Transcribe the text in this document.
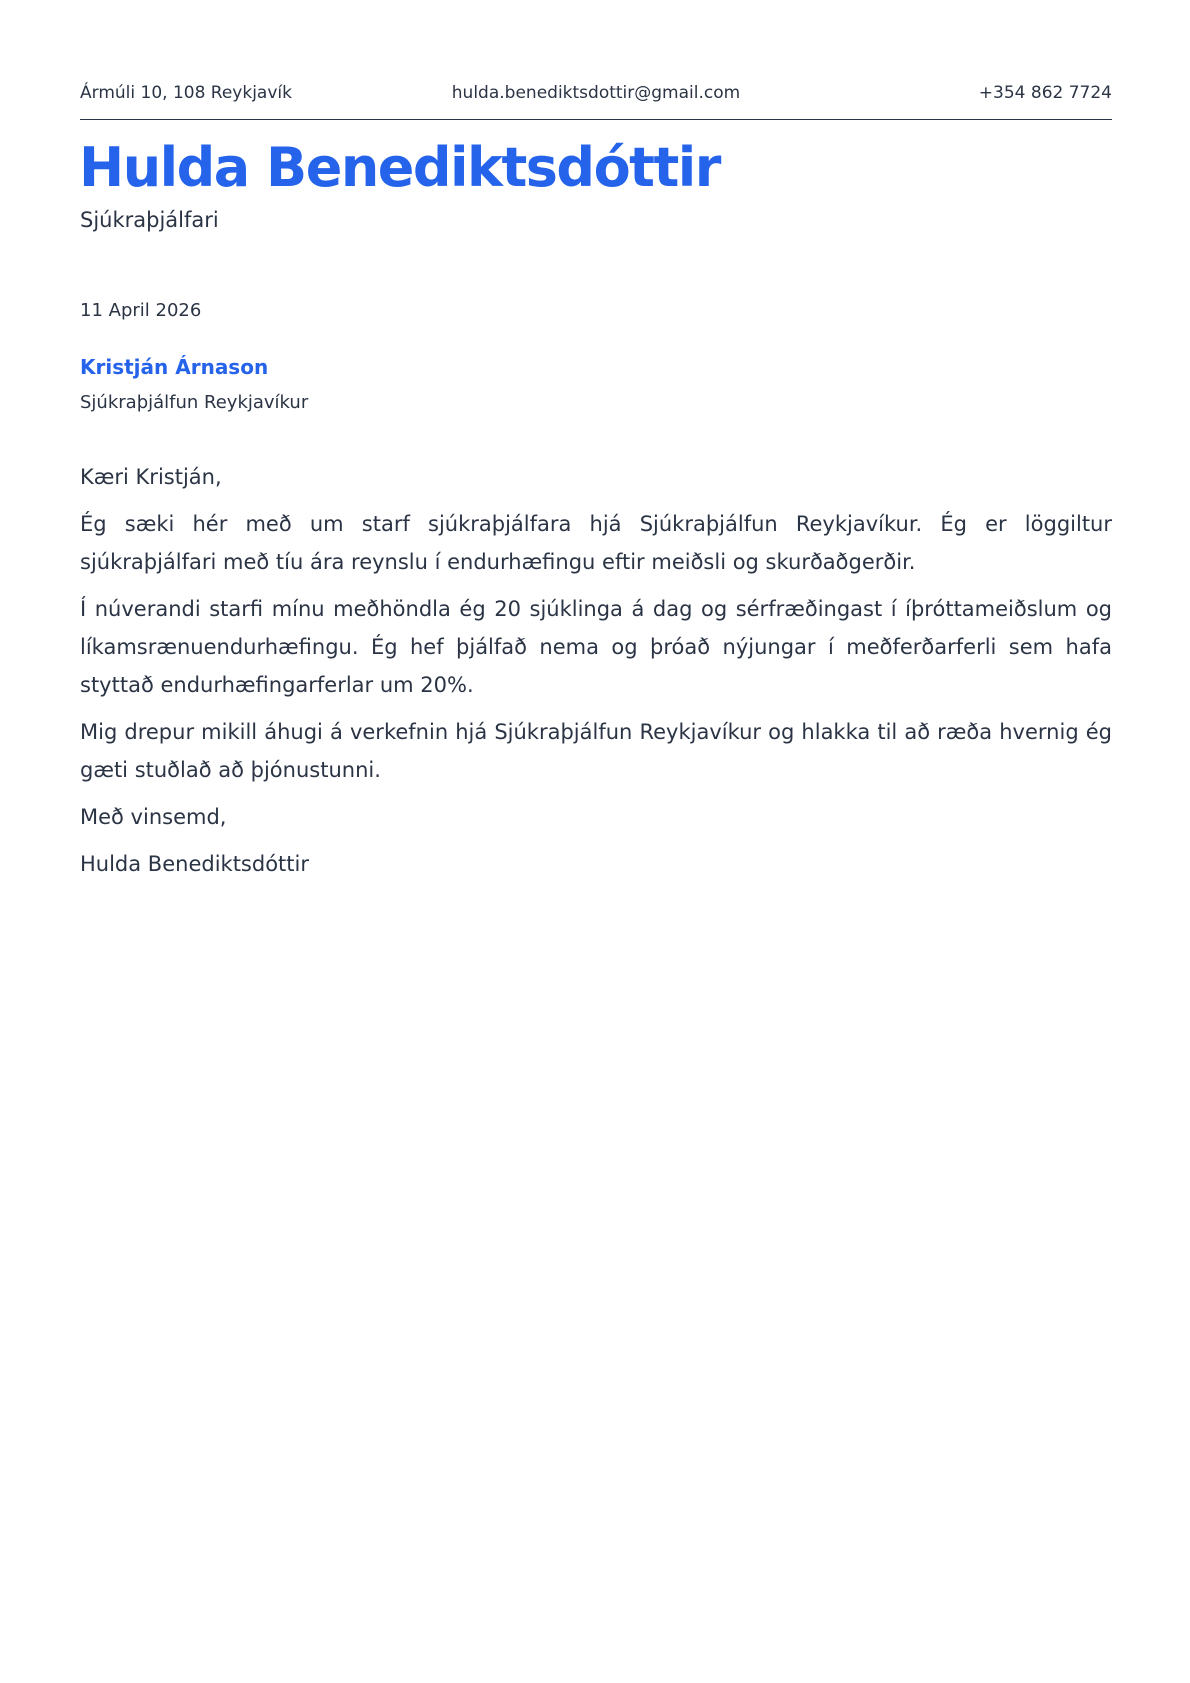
Ármúli 10, 108 Reykjavík	hulda.benediktsdottir@gmail.com	+354 862 7724
Hulda Benediktsdóttir
Sjúkraþjálfari
11 April 2026
Kristján Árnason
Sjúkraþjálfun Reykjavíkur

Kæri Kristján,

Ég sæki hér með um starf sjúkraþjálfara hjá Sjúkraþjálfun Reykjavíkur. Ég er löggiltur sjúkraþjálfari með tíu ára reynslu í endurhæfingu eftir meiðsli og skurðaðgerðir.

Í núverandi starfi mínu meðhöndla ég 20 sjúklinga á dag og sérfræðingast í íþróttameiðslum og líkamsrænuendurhæfingu. Ég hef þjálfað nema og þróað nýjungar í meðferðarferli sem hafa styttað endurhæfingarferlar um 20%.

Mig drepur mikill áhugi á verkefnin hjá Sjúkraþjálfun Reykjavíkur og hlakka til að ræða hvernig ég gæti stuðlað að þjónustunni.

Með vinsemd,

Hulda Benediktsdóttir
